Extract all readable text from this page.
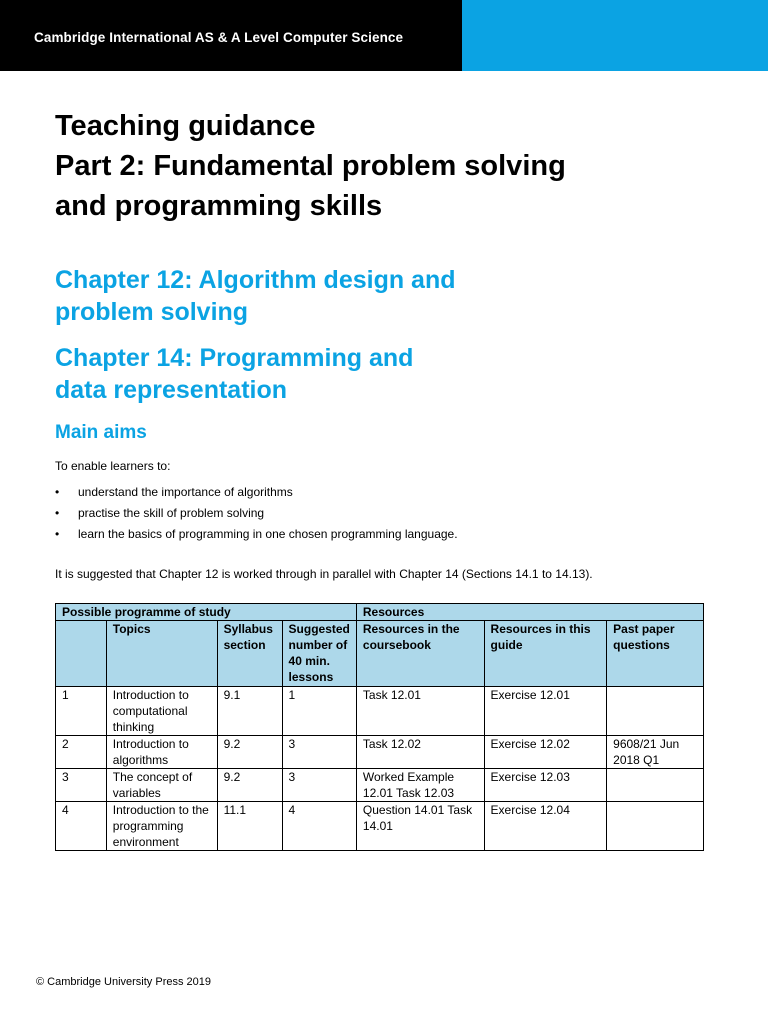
Cambridge International AS & A Level Computer Science
Teaching guidance
Part 2: Fundamental problem solving
and programming skills
Chapter 12: Algorithm design and
problem solving
Chapter 14: Programming and
data representation
Main aims

To enable learners to:

•	understand the importance of algorithms
•	practise the skill of problem solving
•	learn the basics of programming in one chosen programming language.

It is suggested that Chapter 12 is worked through in parallel with Chapter 14 (Sections 14.1 to 14.13).

Possible programme of study				Resources		
	Topics	Syllabus section	Suggested number of 40 min. lessons	Resources in the coursebook	Resources in this guide	Past paper questions
1	Introduction to computational thinking	9.1	1	Task 12.01	Exercise 12.01	
2	Introduction to algorithms	9.2	3	Task 12.02	Exercise 12.02	9608/21 Jun 2018 Q1
3	The concept of variables	9.2	3	Worked Example 12.01 Task 12.03	Exercise 12.03	
4	Introduction to the programming environment	11.1	4	Question 14.01 Task 14.01	Exercise 12.04	

© Cambridge University Press 2019
